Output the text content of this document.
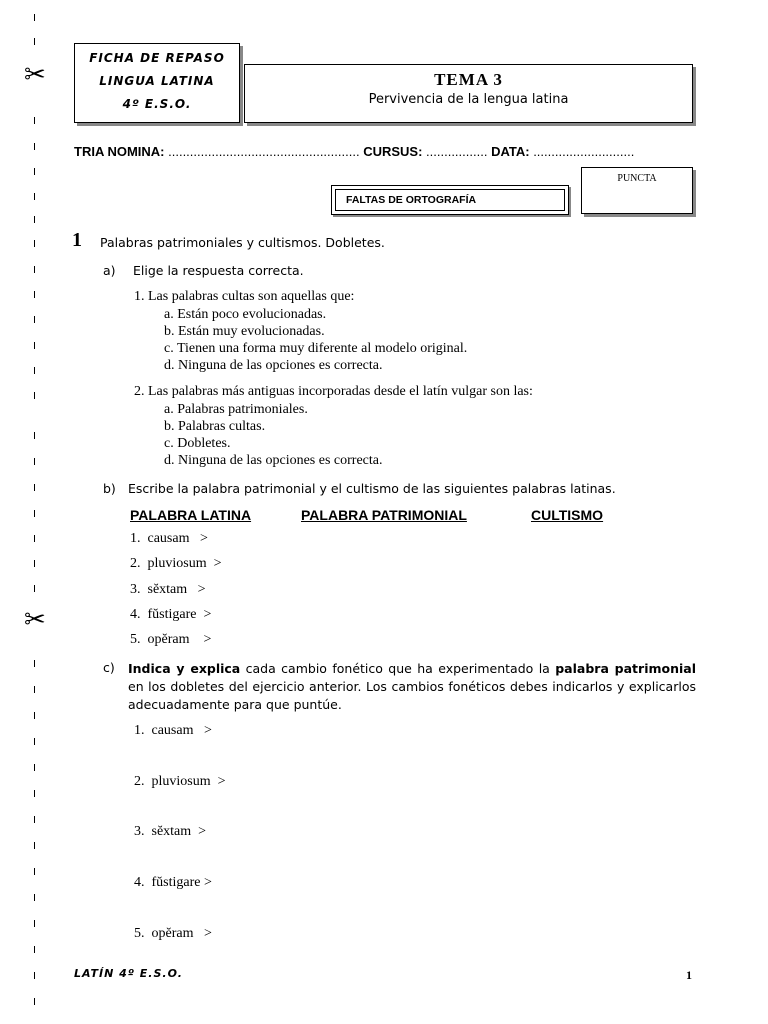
✂
✂
FICHA DE REPASO
LINGUA LATINA
4º E.S.O.
TEMA 3
Pervivencia de la lengua latina
TRIA NOMINA: ..................................................... CURSUS: ................. DATA: ............................
PUNCTA
FALTAS DE ORTOGRAFÍA
1 Palabras patrimoniales y cultismos. Dobletes.
a) Elige la respuesta correcta.
1. Las palabras cultas son aquellas que:
a. Están poco evolucionadas.
b. Están muy evolucionadas.
c. Tienen una forma muy diferente al modelo original.
d. Ninguna de las opciones es correcta.
2. Las palabras más antiguas incorporadas desde el latín vulgar son las:
a. Palabras patrimoniales.
b. Palabras cultas.
c. Dobletes.
d. Ninguna de las opciones es correcta.
b) Escribe la palabra patrimonial y el cultismo de las siguientes palabras latinas.
PALABRA LATINA	PALABRA PATRIMONIAL	CULTISMO
1.  causam   >
2.  pluviosum  >
3.  sĕxtam   >
4.  fŭstigare  >
5.  opĕram    >
c) Indica y explica cada cambio fonético que ha experimentado la palabra patrimonial en los dobletes del ejercicio anterior. Los cambios fonéticos debes indicarlos y explicarlos adecuadamente para que puntúe.
1.  causam   >
2.  pluviosum  >
3.  sĕxtam  >
4.  fŭstigare >
5.  opĕram   >
LATÍN 4º E.S.O.	1
